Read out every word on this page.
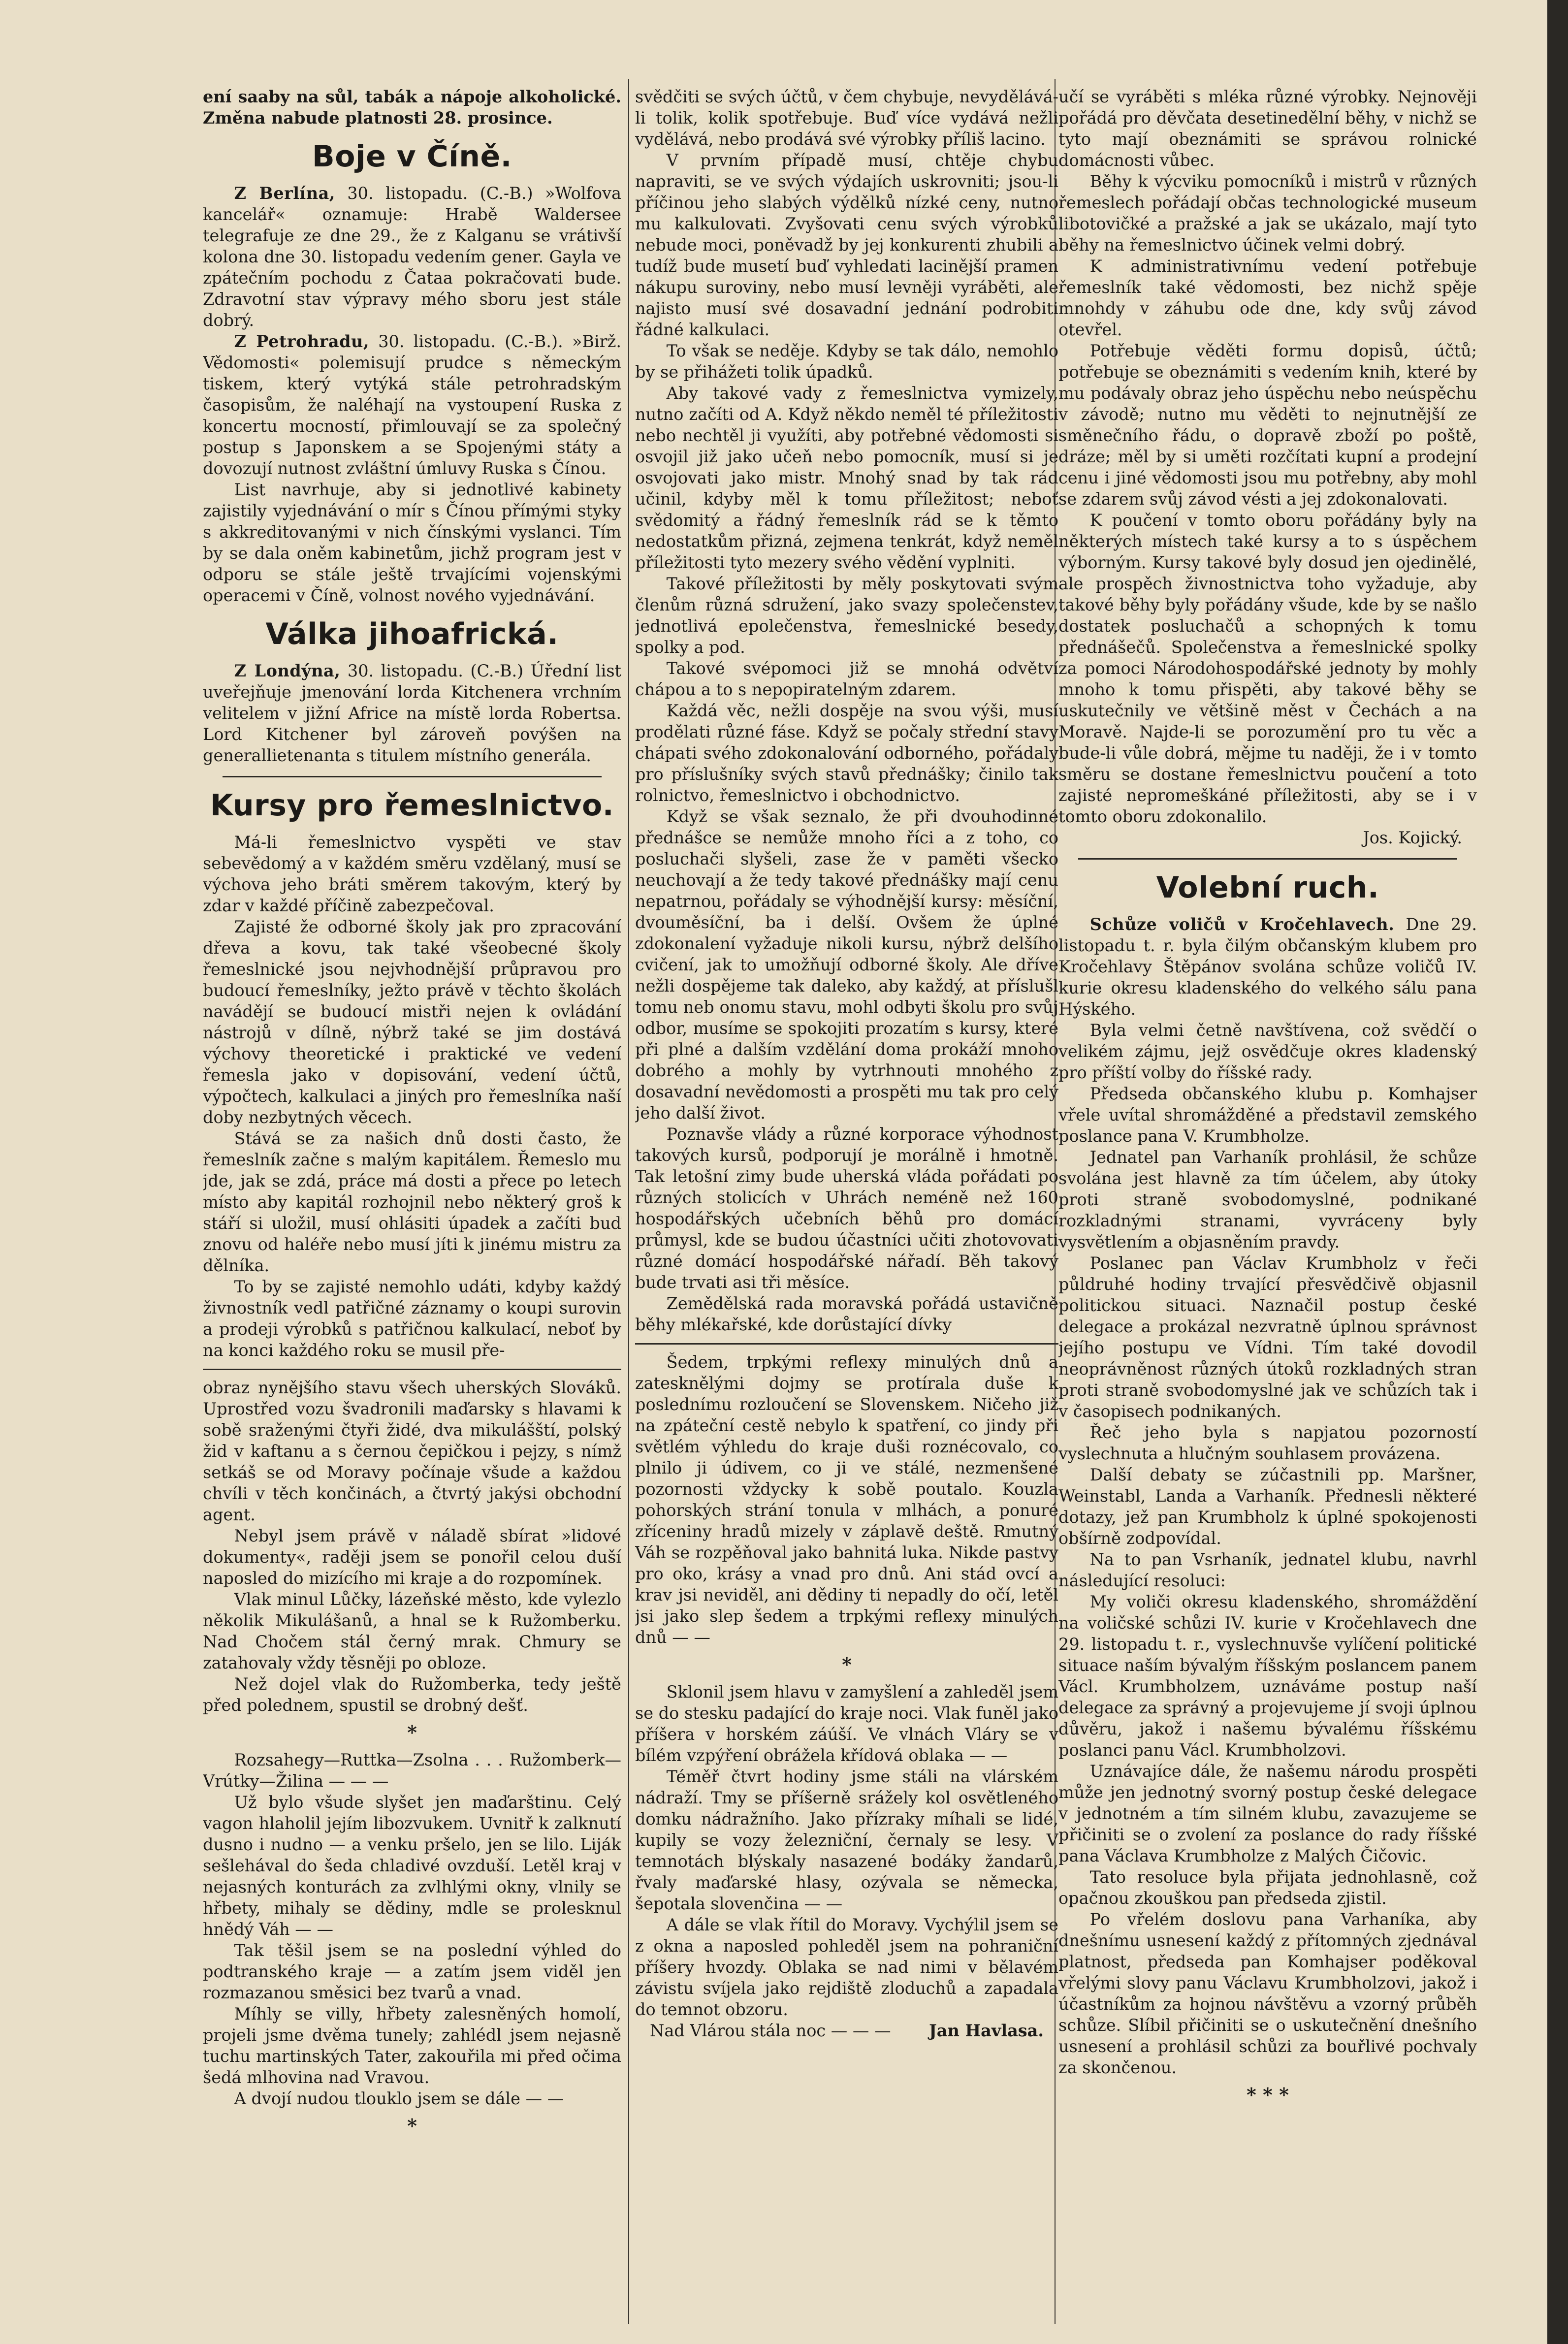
ení saaby na sůl, tabák a nápoje alkoholické. Změna nabude platnosti 28. prosince.

Boje v Číně.

Z Berlína, 30. listopadu. (C.-B.) »Wolfova kancelář« oznamuje: Hrabě Waldersee telegrafuje ze dne 29., že z Kalganu se vrátivší kolona dne 30. listopadu vedením gener. Gayla ve zpátečním pochodu z Čataa pokračovati bude. Zdravotní stav výpravy mého sboru jest stále dobrý.

Z Petrohradu, 30. listopadu. (C.-B.). »Birž. Vědomosti« polemisují prudce s německým tiskem, který vytýká stále petrohradským časopisům, že naléhají na vystoupení Ruska z koncertu mocností, přimlouvají se za společný postup s Japonskem a se Spojenými státy a dovozují nutnost zvláštní úmluvy Ruska s Čínou.

List navrhuje, aby si jednotlivé kabinety zajistily vyjednávání o mír s Čínou přímými styky s akkreditovanými v nich čínskými vyslanci. Tím by se dala oněm kabinetům, jichž program jest v odporu se stále ještě trvajícími vojenskými operacemi v Číně, volnost nového vyjednávání.

Válka jihoafrická.

Z Londýna, 30. listopadu. (C.-B.) Úřední list uveřejňuje jmenování lorda Kitchenera vrchním velitelem v jižní Africe na místě lorda Robertsa. Lord Kitchener byl zároveň povýšen na generallietenanta s titulem místního generála.

Kursy pro řemeslnictvo.

Má-li řemeslnictvo vyspěti ve stav sebevědomý a v každém směru vzdělaný, musí se výchova jeho bráti směrem takovým, který by zdar v každé příčině zabezpečoval.

Zajisté že odborné školy jak pro zpracování dřeva a kovu, tak také všeobecné školy řemeslnické jsou nejvhodnější průpravou pro budoucí řemeslníky, ježto právě v těchto školách navádějí se budoucí mistři nejen k ovládání nástrojů v dílně, nýbrž také se jim dostává výchovy theoretické i praktické ve vedení řemesla jako v dopisování, vedení účtů, výpočtech, kalkulaci a jiných pro řemeslníka naší doby nezbytných věcech.

Stává se za našich dnů dosti často, že řemeslník začne s malým kapitálem. Řemeslo mu jde, jak se zdá, práce má dosti a přece po letech místo aby kapitál rozhojnil nebo některý groš k stáří si uložil, musí ohlásiti úpadek a začíti buď znovu od haléře nebo musí jíti k jinému mistru za dělníka.

To by se zajisté nemohlo udáti, kdyby každý živnostník vedl patřičné záznamy o koupi surovin a prodeji výrobků s patřičnou kalkulací, neboť by na konci každého roku se musil pře-

obraz nynějšího stavu všech uherských Slováků. Uprostřed vozu švadronili maďarsky s hlavami k sobě sraženými čtyři židé, dva mikulášští, polský žid v kaftanu a s černou čepičkou i pejzy, s nímž setkáš se od Moravy počínaje všude a každou chvíli v těch končinách, a čtvrtý jakýsi obchodní agent.

Nebyl jsem právě v náladě sbírat »lidové dokumenty«, raději jsem se ponořil celou duší naposled do mizícího mi kraje a do rozpomínek.

Vlak minul Lůčky, lázeňské město, kde vylezlo několik Mikulášanů, a hnal se k Ružomberku. Nad Chočem stál černý mrak. Chmury se zatahovaly vždy těsněji po obloze.

Než dojel vlak do Ružomberka, tedy ještě před polednem, spustil se drobný dešť.

*

Rozsahegy—Ruttka—Zsolna . . . Ružomberk—Vrútky—Žilina — — —

Už bylo všude slyšet jen maďarštinu. Celý vagon hlaholil jejím libozvukem. Uvnitř k zalknutí dusno i nudno — a venku pršelo, jen se lilo. Liják sešlehával do šeda chladivé ovzduší. Letěl kraj v nejasných konturách za zvlhlými okny, vlnily se hřbety, mihaly se dědiny, mdle se prolesknul hnědý Váh — —

Tak těšil jsem se na poslední výhled do podtranského kraje — a zatím jsem viděl jen rozmazanou směsici bez tvarů a vnad.

Míhly se villy, hřbety zalesněných homolí, projeli jsme dvěma tunely; zahlédl jsem nejasně tuchu martinských Tater, zakouřila mi před očima šedá mlhovina nad Vravou.

A dvojí nudou tlouklo jsem se dále — —

*

svědčiti se svých účtů, v čem chybuje, nevydělává-li tolik, kolik spotřebuje. Buď více vydává nežli vydělává, nebo prodává své výrobky příliš lacino.

V prvním případě musí, chtěje chybu napraviti, se ve svých výdajích uskrovniti; jsou-li příčinou jeho slabých výdělků nízké ceny, nutno mu kalkulovati. Zvyšovati cenu svých výrobků nebude moci, poněvadž by jej konkurenti zhubili a tudíž bude musetí buď vyhledati lacinější pramen nákupu suroviny, nebo musí levněji vyráběti, ale najisto musí své dosavadní jednání podrobiti řádné kalkulaci.

To však se neděje. Kdyby se tak dálo, nemohlo by se přihážeti tolik úpadků.

Aby takové vady z řemeslnictva vymizely, nutno začíti od A. Když někdo neměl té příležitosti nebo nechtěl ji využíti, aby potřebné vědomosti si osvojil již jako učeň nebo pomocník, musí si je osvojovati jako mistr. Mnohý snad by tak rád učinil, kdyby měl k tomu příležitost; neboť svědomitý a řádný řemeslník rád se k těmto nedostatkům přizná, zejmena tenkrát, když neměl příležitosti tyto mezery svého vědění vyplniti.

Takové příležitosti by měly poskytovati svým členům různá sdružení, jako svazy společenstev, jednotlivá epolečenstva, řemeslnické besedy, spolky a pod.

Takové svépomoci již se mnohá odvětví chápou a to s nepopiratelným zdarem.

Každá věc, nežli dospěje na svou výši, musí prodělati různé fáse. Když se počaly střední stavy chápati svého zdokonalování odborného, pořádaly pro příslušníky svých stavů přednášky; činilo tak rolnictvo, řemeslnictvo i obchodnictvo.

Když se však seznalo, že při dvouhodinné přednášce se nemůže mnoho říci a z toho, co posluchači slyšeli, zase že v paměti všecko neuchovají a že tedy takové přednášky mají cenu nepatrnou, pořádaly se výhodnější kursy: měsíční, dvouměsíční, ba i delší. Ovšem že úplné zdokonalení vyžaduje nikoli kursu, nýbrž delšího cvičení, jak to umožňují odborné školy. Ale dříve nežli dospějeme tak daleko, aby každý, at příslušl tomu neb onomu stavu, mohl odbyti školu pro svůj odbor, musíme se spokojiti prozatím s kursy, které při plné a dalším vzdělání doma prokáží mnoho dobrého a mohly by vytrhnouti mnohého z dosavadní nevědomosti a prospěti mu tak pro celý jeho další život.

Poznavše vlády a různé korporace výhodnost takových kursů, podporují je morálně i hmotně. Tak letošní zimy bude uherská vláda pořádati po různých stolicích v Uhrách neméně než 160 hospodářských učebních běhů pro domácí průmysl, kde se budou účastníci učiti zhotovovati různé domácí hospodářské nářadí. Běh takový bude trvati asi tři měsíce.

Zemědělská rada moravská pořádá ustavičně běhy mlékařské, kde dorůstající dívky

Šedem, trpkými reflexy minulých dnů a zatesknělými dojmy se protírala duše k poslednímu rozloučení se Slovenskem. Ničeho již na zpáteční cestě nebylo k spatření, co jindy při světlém výhledu do kraje duši roznécovalo, co plnilo ji údivem, co ji ve stálé, nezmenšené pozornosti vždycky k sobě poutalo. Kouzla pohorských strání tonula v mlhách, a ponuré zříceniny hradů mizely v záplavě deště. Rmutný Váh se rozpěňoval jako bahnitá luka. Nikde pastvy pro oko, krásy a vnad pro dnů. Ani stád ovcí a krav jsi neviděl, ani dědiny ti nepadly do očí, letěl jsi jako slep šedem a trpkými reflexy minulých dnů — —

*

Sklonil jsem hlavu v zamyšlení a zahleděl jsem se do stesku padající do kraje noci. Vlak funěl jako příšera v horském záúší. Ve vlnách Vláry se v bílém vzpýření obrážela křídová oblaka — —

Téměř čtvrt hodiny jsme stáli na vlárském nádraží. Tmy se příšerně srážely kol osvětleného domku nádražního. Jako přízraky míhali se lidé, kupily se vozy železniční, černaly se lesy. V temnotách blýskaly nasazené bodáky žandarů, řvaly maďarské hlasy, ozývala se německa, šepotala slovenčina — —

A dále se vlak řítil do Moravy. Vychýlil jsem se z okna a naposled pohleděl jsem na pohraniční příšery hvozdy. Oblaka se nad nimi v bělavém závistu svíjela jako rejdiště zloduchů a zapadala do temnot obzoru.

Nad Vlárou stála noc — — — Jan Havlasa.

učí se vyráběti s mléka různé výrobky. Nejnověji pořádá pro děvčata desetinedělní běhy, v nichž se tyto mají obeznámiti se správou rolnické domácnosti vůbec.

Běhy k výcviku pomocníků i mistrů v různých řemeslech pořádají občas technologické museum libotovičké a pražské a jak se ukázalo, mají tyto běhy na řemeslnictvo účinek velmi dobrý.

K administrativnímu vedení potřebuje řemeslník také vědomosti, bez nichž spěje mnohdy v záhubu ode dne, kdy svůj závod otevřel.

Potřebuje věděti formu dopisů, účtů; potřebuje se obeznámiti s vedením knih, které by mu podávaly obraz jeho úspěchu nebo neúspěchu v závodě; nutno mu věděti to nejnutnější ze směnečního řádu, o dopravě zboží po poště, dráze; měl by si uměti rozčítati kupní a prodejní cenu i jiné vědomosti jsou mu potřebny, aby mohl se zdarem svůj závod vésti a jej zdokonalovati.

K poučení v tomto oboru pořádány byly na některých místech také kursy a to s úspěchem výborným. Kursy takové byly dosud jen ojedinělé, ale prospěch živnostnictva toho vyžaduje, aby takové běhy byly pořádány všude, kde by se našlo dostatek posluchačů a schopných k tomu přednášečů. Společenstva a řemeslnické spolky za pomoci Národohospodářské jednoty by mohly mnoho k tomu přispěti, aby takové běhy se uskutečnily ve většině měst v Čechách a na Moravě. Najde-li se porozumění pro tu věc a bude-li vůle dobrá, mějme tu naději, že i v tomto směru se dostane řemeslnictvu poučení a toto zajisté nepromeškáné příležitosti, aby se i v tomto oboru zdokonalilo.

Jos. Kojický.

Volební ruch.

Schůze voličů v Kročehlavech. Dne 29. listopadu t. r. byla čilým občanským klubem pro Kročehlavy Štěpánov svolána schůze voličů IV. kurie okresu kladenského do velkého sálu pana Hýského.

Byla velmi četně navštívena, což svědčí o velikém zájmu, jejž osvědčuje okres kladenský pro příští volby do říšské rady.

Předseda občanského klubu p. Komhajser vřele uvítal shromážděné a představil zemského poslance pana V. Krumbholze.

Jednatel pan Varhaník prohlásil, že schůze svolána jest hlavně za tím účelem, aby útoky proti straně svobodomyslné, podnikané rozkladnými stranami, vyvráceny byly vysvětlením a objasněním pravdy.

Poslanec pan Václav Krumbholz v řeči půldruhé hodiny trvající přesvědčivě objasnil politickou situaci. Naznačil postup české delegace a prokázal nezvratně úplnou správnost jejího postupu ve Vídni. Tím také dovodil neoprávněnost různých útoků rozkladných stran proti straně svobodomyslné jak ve schůzích tak i v časopisech podnikaných.

Řeč jeho byla s napjatou pozorností vyslechnuta a hlučným souhlasem provázena.

Další debaty se zúčastnili pp. Maršner, Weinstabl, Landa a Varhaník. Přednesli některé dotazy, jež pan Krumbholz k úplné spokojenosti obšírně zodpovídal.

Na to pan Vsrhaník, jednatel klubu, navrhl následující resoluci:

My voliči okresu kladenského, shromáždění na voličské schůzi IV. kurie v Kročehlavech dne 29. listopadu t. r., vyslechnuvše vylíčení politické situace naším bývalým říšským poslancem panem Václ. Krumbholzem, uznáváme postup naší delegace za správný a projevujeme jí svoji úplnou důvěru, jakož i našemu bývalému říšskému poslanci panu Václ. Krumbholzovi.

Uznávajíce dále, že našemu národu prospěti může jen jednotný svorný postup české delegace v jednotném a tím silném klubu, zavazujeme se přičiniti se o zvolení za poslance do rady říšské pana Václava Krumbholze z Malých Čičovic.

Tato resoluce byla přijata jednohlasně, což opačnou zkouškou pan předseda zjistil.

Po vřelém doslovu pana Varhaníka, aby dnešnímu usnesení každý z přítomných zjednával platnost, předseda pan Komhajser poděkoval vřelými slovy panu Václavu Krumbholzovi, jakož i účastníkům za hojnou návštěvu a vzorný průběh schůze. Slíbil přičiniti se o uskutečnění dnešního usnesení a prohlásil schůzi za bouřlivé pochvaly za skončenou.

* * *
